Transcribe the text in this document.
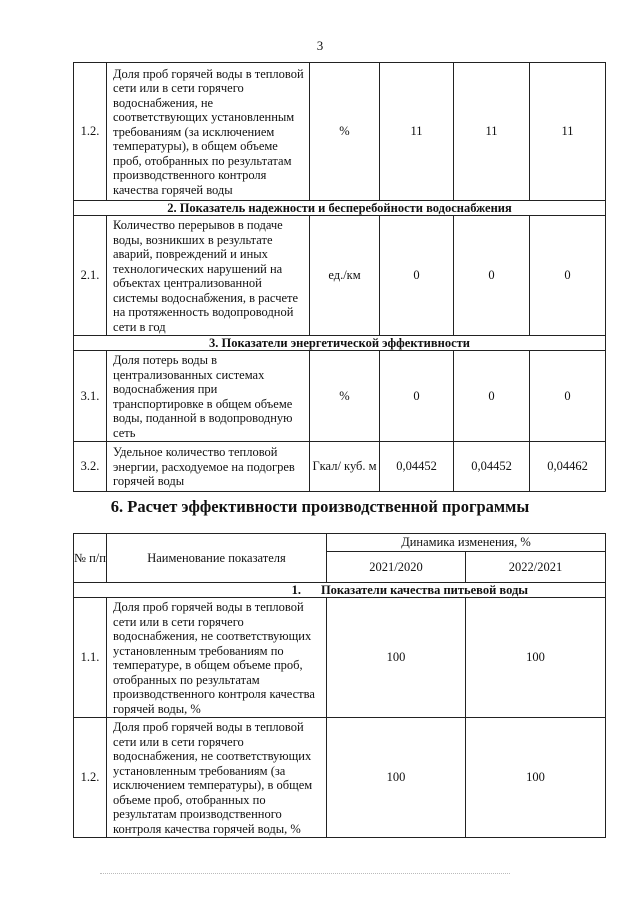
3
1.2.	Доля проб горячей воды в тепловой сети или в сети горячего водоснабжения, не соответствующих установленным требованиям (за исключением температуры), в общем объеме проб, отобранных по результатам производственного контроля качества горячей воды	%	11	11	11
2. Показатель надежности и бесперебойности водоснабжения					
2.1.	Количество перерывов в подаче воды, возникших в результате аварий, повреждений и иных технологических нарушений на объектах централизованной системы водоснабжения, в расчете на протяженность водопроводной сети в год	ед./км	0	0	0
3. Показатели энергетической эффективности					
3.1.	Доля потерь воды в централизованных системах водоснабжения при транспортировке в общем объеме воды, поданной в водопроводную сеть	%	0	0	0
3.2.	Удельное количество тепловой энергии, расходуемое на подогрев горячей воды	Гкал/ куб. м	0,04452	0,04452	0,04462
6. Расчет эффективности производственной программы
№ п/п	Наименование показателя	Динамика изменения, %	
		2021/2020	2022/2021
1. Показатели качества питьевой воды			
1.1.	Доля проб горячей воды в тепловой сети или в сети горячего водоснабжения, не соответствующих установленным требованиям по температуре, в общем объеме проб, отобранных по результатам производственного контроля качества горячей воды, %	100	100
1.2.	Доля проб горячей воды в тепловой сети или в сети горячего водоснабжения, не соответствующих установленным требованиям (за исключением температуры), в общем объеме проб, отобранных по результатам производственного контроля качества горячей воды, %	100	100
